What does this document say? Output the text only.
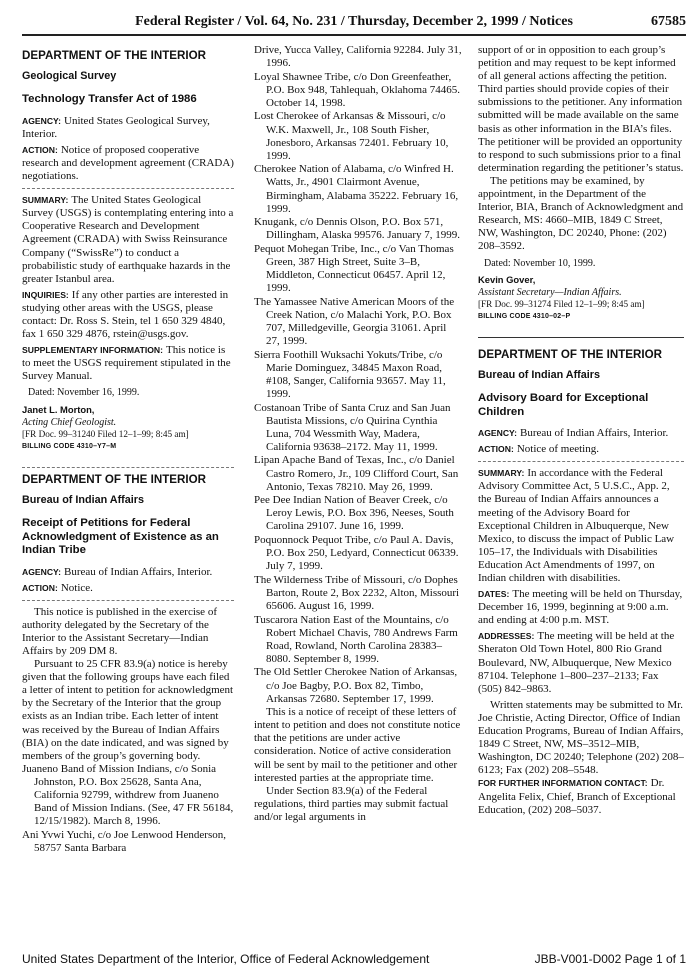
Federal Register / Vol. 64, No. 231 / Thursday, December 2, 1999 / Notices	67585
DEPARTMENT OF THE INTERIOR
Geological Survey
Technology Transfer Act of 1986
AGENCY: United States Geological Survey, Interior.
ACTION: Notice of proposed cooperative research and development agreement (CRADA) negotiations.
SUMMARY: The United States Geological Survey (USGS) is contemplating entering into a Cooperative Research and Development Agreement (CRADA) with Swiss Reinsurance Company (“SwissRe”) to conduct a probabilistic study of earthquake hazards in the greater Istanbul area.
INQUIRIES: If any other parties are interested in studying other areas with the USGS, please contact: Dr. Ross S. Stein, tel 1 650 329 4840, fax 1 650 329 4876, rstein@usgs.gov.
SUPPLEMENTARY INFORMATION: This notice is to meet the USGS requirement stipulated in the Survey Manual.
Dated: November 16, 1999.
Janet L. Morton,
Acting Chief Geologist.
[FR Doc. 99–31240 Filed 12–1–99; 8:45 am]
BILLING CODE 4310–Y7–M
DEPARTMENT OF THE INTERIOR
Bureau of Indian Affairs
Receipt of Petitions for Federal Acknowledgment of Existence as an Indian Tribe
AGENCY: Bureau of Indian Affairs, Interior.
ACTION: Notice.

This notice is published in the exercise of authority delegated by the Secretary of the Interior to the Assistant Secretary—Indian Affairs by 209 DM 8.

Pursuant to 25 CFR 83.9(a) notice is hereby given that the following groups have each filed a letter of intent to petition for acknowledgment by the Secretary of the Interior that the group exists as an Indian tribe. Each letter of intent was received by the Bureau of Indian Affairs (BIA) on the date indicated, and was signed by members of the group’s governing body.

Juaneno Band of Mission Indians, c/o Sonia Johnston, P.O. Box 25628, Santa Ana, California 92799, withdrew from Juaneno Band of Mission Indians. (See, 47 FR 56184, 12/15/1982). March 8, 1996.
Ani Yvwi Yuchi, c/o Joe Lenwood Henderson, 58757 Santa Barbara
Drive, Yucca Valley, California 92284. July 31, 1996.
Loyal Shawnee Tribe, c/o Don Greenfeather, P.O. Box 948, Tahlequah, Oklahoma 74465. October 14, 1998.
Lost Cherokee of Arkansas & Missouri, c/o W.K. Maxwell, Jr., 108 South Fisher, Jonesboro, Arkansas 72401. February 10, 1999.
Cherokee Nation of Alabama, c/o Winfred H. Watts, Jr., 4901 Clairmont Avenue, Birmingham, Alabama 35222. February 16, 1999.
Knugank, c/o Dennis Olson, P.O. Box 571, Dillingham, Alaska 99576. January 7, 1999.
Pequot Mohegan Tribe, Inc., c/o Van Thomas Green, 387 High Street, Suite 3–B, Middleton, Connecticut 06457. April 12, 1999.
The Yamassee Native American Moors of the Creek Nation, c/o Malachi York, P.O. Box 707, Milledgeville, Georgia 31061. April 27, 1999.
Sierra Foothill Wuksachi Yokuts/Tribe, c/o Marie Dominguez, 34845 Maxon Road, #108, Sanger, California 93657. May 11, 1999.
Costanoan Tribe of Santa Cruz and San Juan Bautista Missions, c/o Quirina Cynthia Luna, 704 Wessmith Way, Madera, California 93638–2172. May 11, 1999.
Lipan Apache Band of Texas, Inc., c/o Daniel Castro Romero, Jr., 109 Clifford Court, San Antonio, Texas 78210. May 26, 1999.
Pee Dee Indian Nation of Beaver Creek, c/o Leroy Lewis, P.O. Box 396, Neeses, South Carolina 29107. June 16, 1999.
Poquonnock Pequot Tribe, c/o Paul A. Davis, P.O. Box 250, Ledyard, Connecticut 06339. July 7, 1999.
The Wilderness Tribe of Missouri, c/o Dophes Barton, Route 2, Box 2232, Alton, Missouri 65606. August 16, 1999.
Tuscarora Nation East of the Mountains, c/o Robert Michael Chavis, 780 Andrews Farm Road, Rowland, North Carolina 28383–8080. September 8, 1999.
The Old Settler Cherokee Nation of Arkansas, c/o Joe Bagby, P.O. Box 82, Timbo, Arkansas 72680. September 17, 1999.

This is a notice of receipt of these letters of intent to petition and does not constitute notice that the petitions are under active consideration. Notice of active consideration will be sent by mail to the petitioner and other interested parties at the appropriate time.

Under Section 83.9(a) of the Federal regulations, third parties may submit factual and/or legal arguments in

support of or in opposition to each group’s petition and may request to be kept informed of all general actions affecting the petition. Third parties should provide copies of their submissions to the petitioner. Any information submitted will be made available on the same basis as other information in the BIA’s files. The petitioner will be provided an opportunity to respond to such submissions prior to a final determination regarding the petitioner’s status.

The petitions may be examined, by appointment, in the Department of the Interior, BIA, Branch of Acknowledgment and Research, MS: 4660–MIB, 1849 C Street, NW, Washington, DC 20240, Phone: (202) 208–3592.

Dated: November 10, 1999.
Kevin Gover,
Assistant Secretary—Indian Affairs.
[FR Doc. 99–31274 Filed 12–1–99; 8:45 am]
BILLING CODE 4310–02–P
DEPARTMENT OF THE INTERIOR
Bureau of Indian Affairs
Advisory Board for Exceptional Children
AGENCY: Bureau of Indian Affairs, Interior.
ACTION: Notice of meeting.
SUMMARY: In accordance with the Federal Advisory Committee Act, 5 U.S.C., App. 2, the Bureau of Indian Affairs announces a meeting of the Advisory Board for Exceptional Children in Albuquerque, New Mexico, to discuss the impact of Public Law 105–17, the Individuals with Disabilities Education Act Amendments of 1997, on Indian children with disabilities.
DATES: The meeting will be held on Thursday, December 16, 1999, beginning at 9:00 a.m. and ending at 4:00 p.m. MST.
ADDRESSES: The meeting will be held at the Sheraton Old Town Hotel, 800 Rio Grand Boulevard, NW, Albuquerque, New Mexico 87104. Telephone 1–800–237–2133; Fax (505) 842–9863.

Written statements may be submitted to Mr. Joe Christie, Acting Director, Office of Indian Education Programs, Bureau of Indian Affairs, 1849 C Street, NW, MS–3512–MIB, Washington, DC 20240; Telephone (202) 208–6123; Fax (202) 208–5548.

FOR FURTHER INFORMATION CONTACT: Dr. Angelita Felix, Chief, Branch of Exceptional Education, (202) 208–5037.
United States Department of the Interior, Office of Federal Acknowledgement	JBB-V001-D002 Page 1 of 1
